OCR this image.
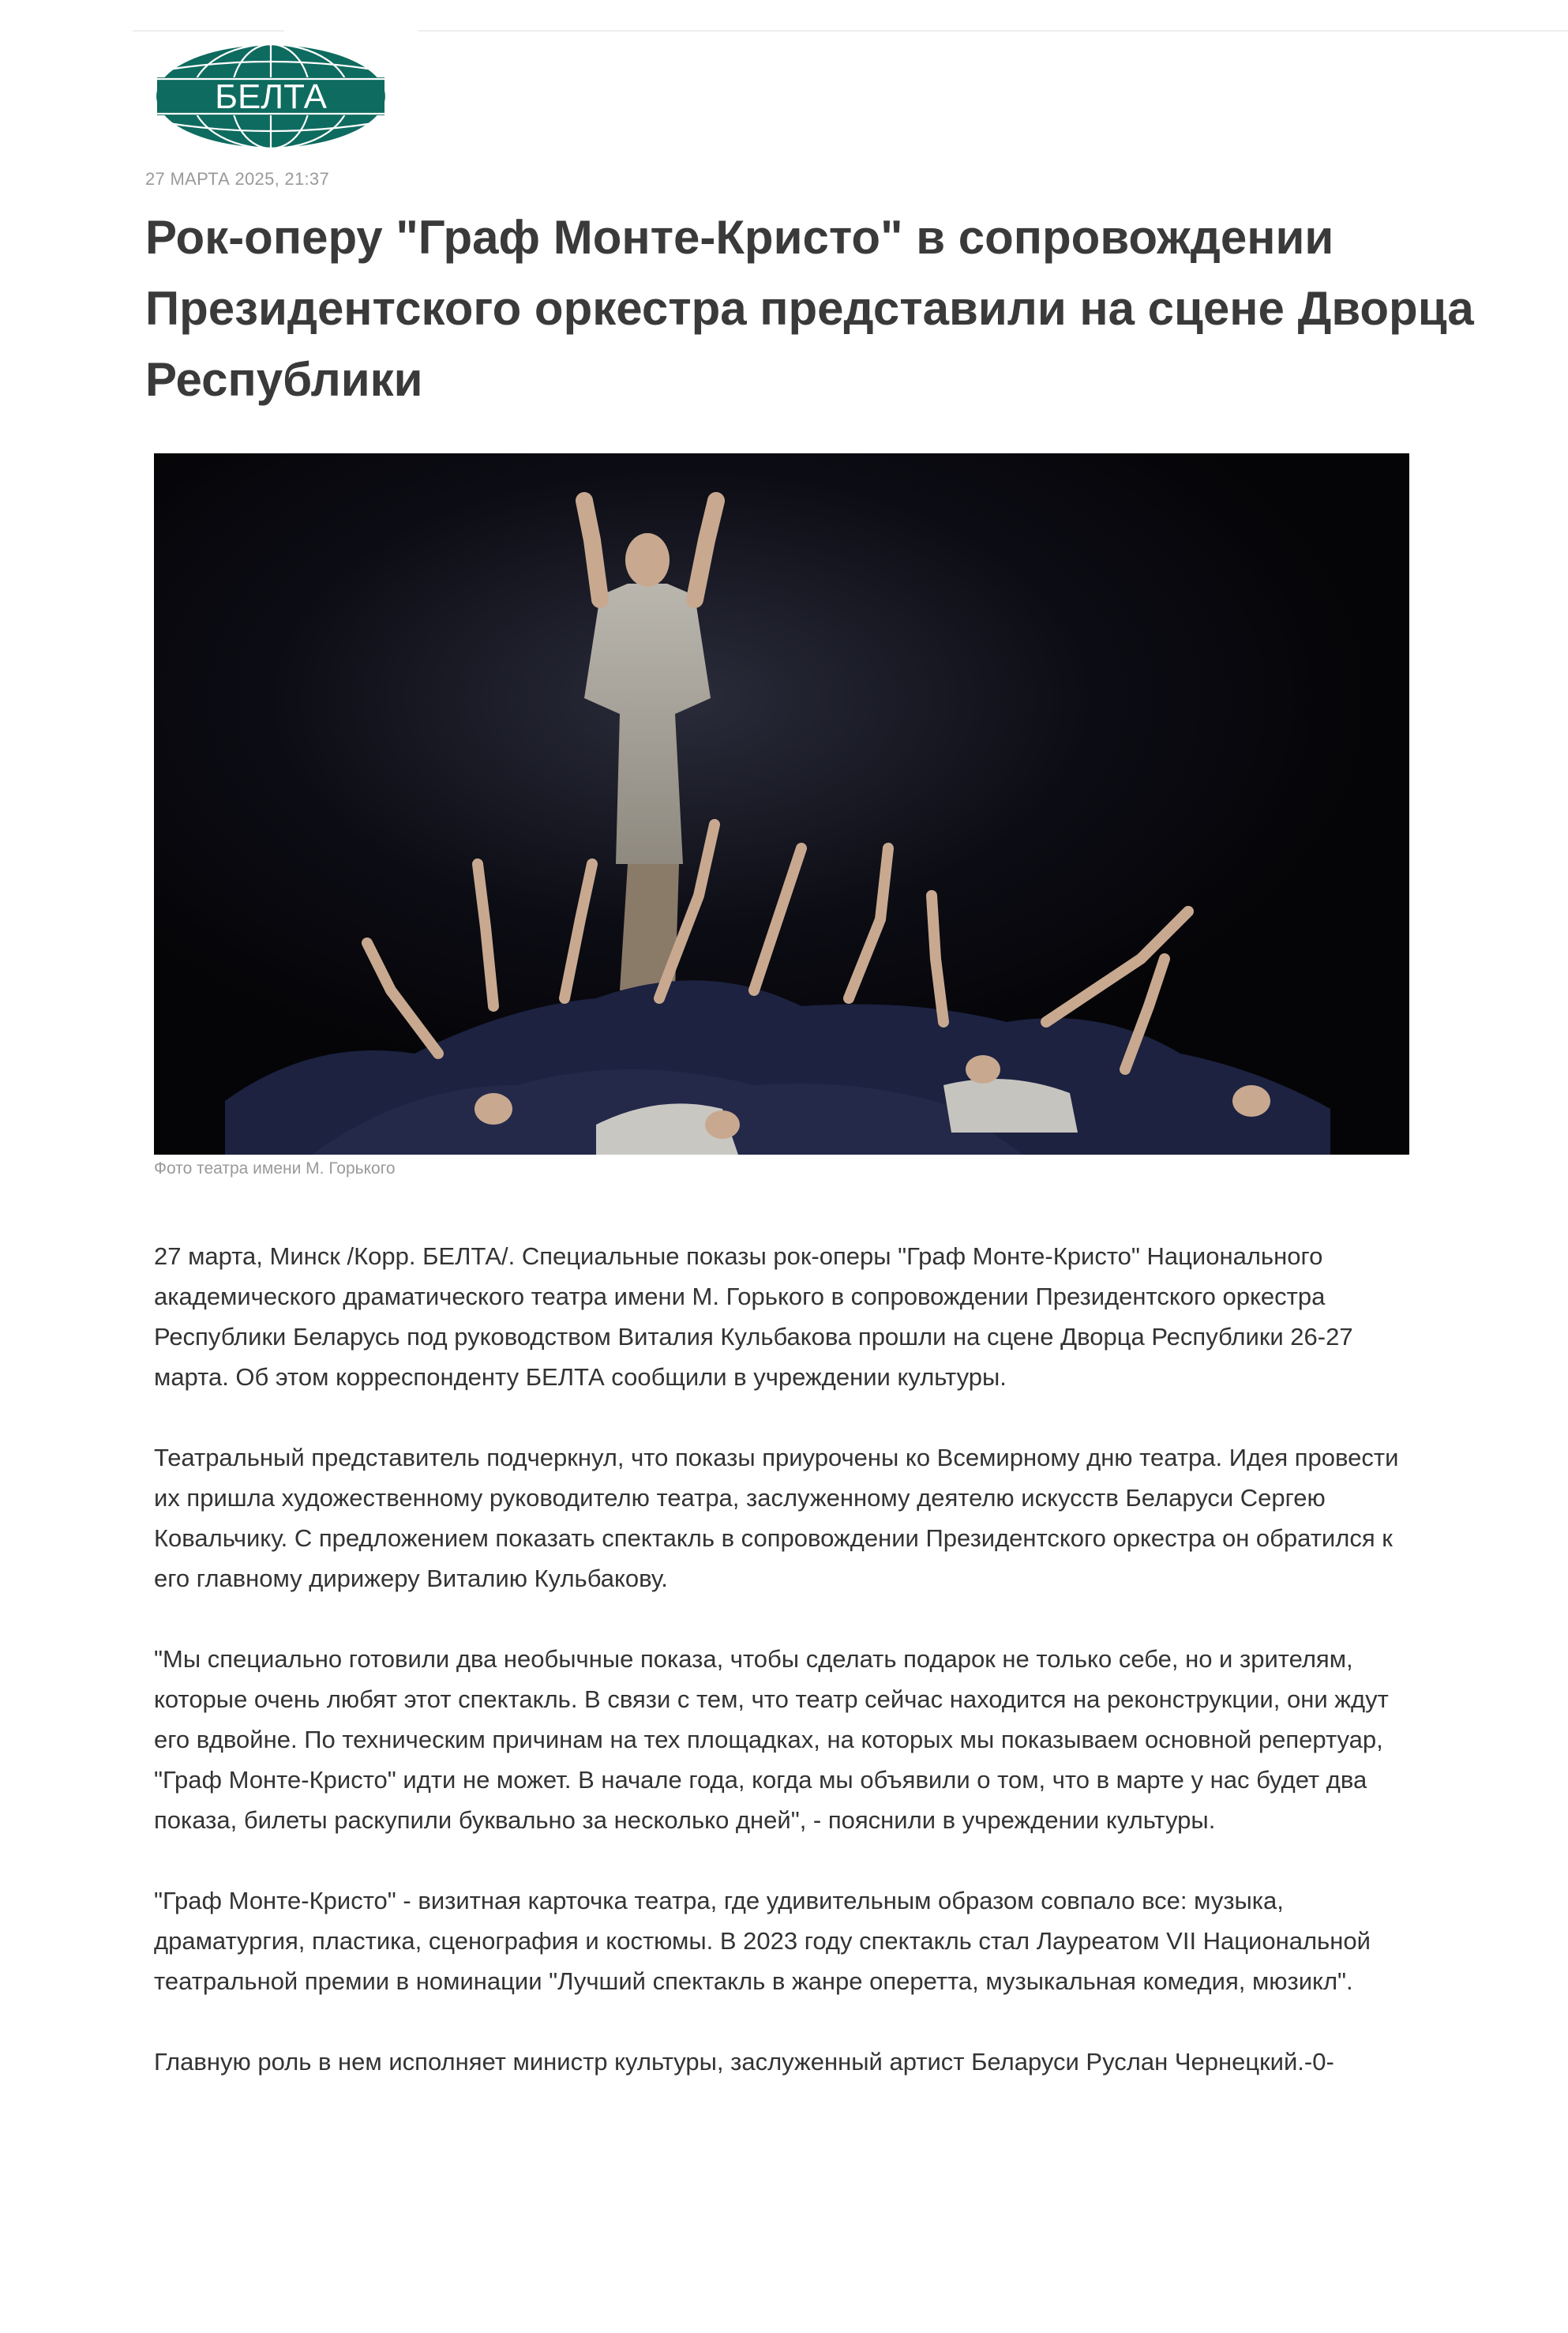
БЕЛТА
27 МАРТА 2025, 21:37
Рок-оперу "Граф Монте-Кристо" в сопровождении Президентского оркестра представили на сцене Дворца Республики
Фото театра имени М. Горького

27 марта, Минск /Корр. БЕЛТА/. Специальные показы рок-оперы "Граф Монте-Кристо" Национального академического драматического театра имени М. Горького в сопровождении Президентского оркестра Республики Беларусь под руководством Виталия Кульбакова прошли на сцене Дворца Республики 26-27 марта. Об этом корреспонденту БЕЛТА сообщили в учреждении культуры.

Театральный представитель подчеркнул, что показы приурочены ко Всемирному дню театра. Идея провести их пришла художественному руководителю театра, заслуженному деятелю искусств Беларуси Сергею Ковальчику. С предложением показать спектакль в сопровождении Президентского оркестра он обратился к его главному дирижеру Виталию Кульбакову.

"Мы специально готовили два необычные показа, чтобы сделать подарок не только себе, но и зрителям, которые очень любят этот спектакль. В связи с тем, что театр сейчас находится на реконструкции, они ждут его вдвойне. По техническим причинам на тех площадках, на которых мы показываем основной репертуар, "Граф Монте-Кристо" идти не может. В начале года, когда мы объявили о том, что в марте у нас будет два показа, билеты раскупили буквально за несколько дней", - пояснили в учреждении культуры.

"Граф Монте-Кристо" - визитная карточка театра, где удивительным образом совпало все: музыка, драматургия, пластика, сценография и костюмы. В 2023 году спектакль стал Лауреатом VII Национальной театральной премии в номинации "Лучший спектакль в жанре оперетта, музыкальная комедия, мюзикл".

Главную роль в нем исполняет министр культуры, заслуженный артист Беларуси Руслан Чернецкий.-0-
